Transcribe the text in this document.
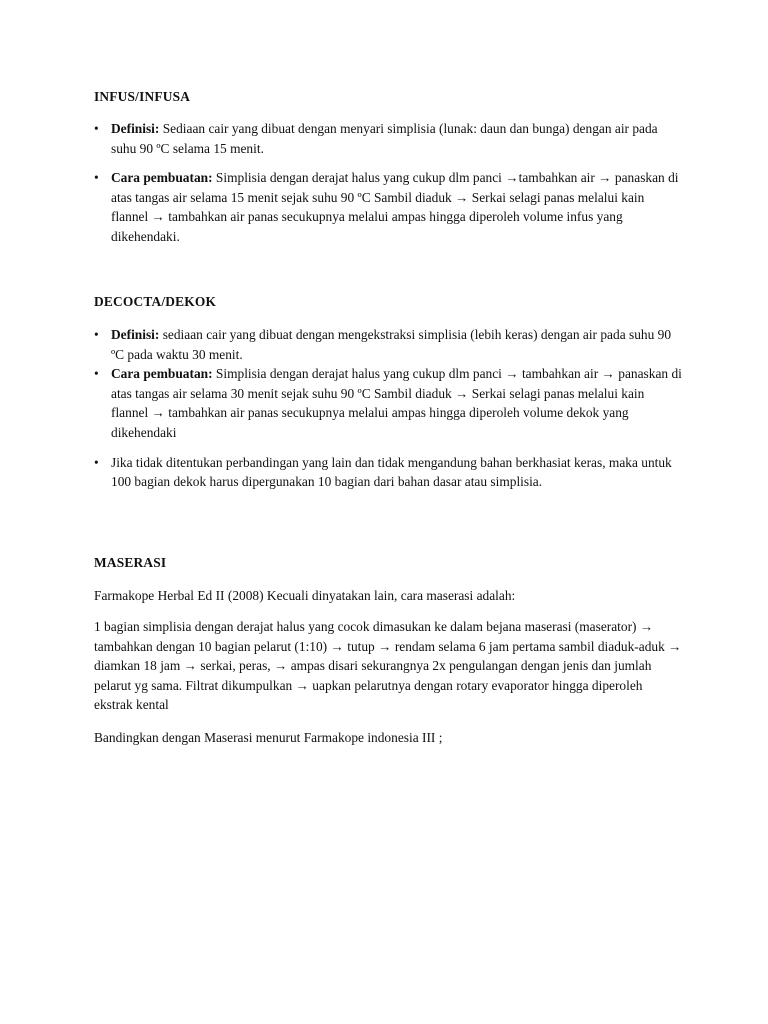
INFUS/INFUSA
• Definisi: Sediaan cair yang dibuat dengan menyari simplisia (lunak: daun dan bunga) dengan air pada suhu 90 ºC selama 15 menit.
• Cara pembuatan: Simplisia dengan derajat halus yang cukup dlm panci →tambahkan air → panaskan di atas tangas air selama 15 menit sejak suhu 90 ºC Sambil diaduk → Serkai selagi panas melalui kain flannel → tambahkan air panas secukupnya melalui ampas hingga diperoleh volume infus yang dikehendaki.
DECOCTA/DEKOK
• Definisi: sediaan cair yang dibuat dengan mengekstraksi simplisia (lebih keras) dengan air pada suhu 90 ºC pada waktu 30 menit.
• Cara pembuatan: Simplisia dengan derajat halus yang cukup dlm panci → tambahkan air → panaskan di atas tangas air selama 30 menit sejak suhu 90 ºC Sambil diaduk → Serkai selagi panas melalui kain flannel → tambahkan air panas secukupnya melalui ampas hingga diperoleh volume dekok yang dikehendaki
• Jika tidak ditentukan perbandingan yang lain dan tidak mengandung bahan berkhasiat keras, maka untuk 100 bagian dekok harus dipergunakan 10 bagian dari bahan dasar atau simplisia.
MASERASI

Farmakope Herbal Ed II (2008) Kecuali dinyatakan lain, cara maserasi adalah:

1 bagian simplisia dengan derajat halus yang cocok dimasukan ke dalam bejana maserasi (maserator) → tambahkan dengan 10 bagian pelarut (1:10) → tutup → rendam selama 6 jam pertama sambil diaduk-aduk → diamkan 18 jam → serkai, peras, → ampas disari sekurangnya 2x pengulangan dengan jenis dan jumlah pelarut yg sama. Filtrat dikumpulkan → uapkan pelarutnya dengan rotary evaporator hingga diperoleh ekstrak kental

Bandingkan dengan Maserasi menurut Farmakope indonesia III ;
